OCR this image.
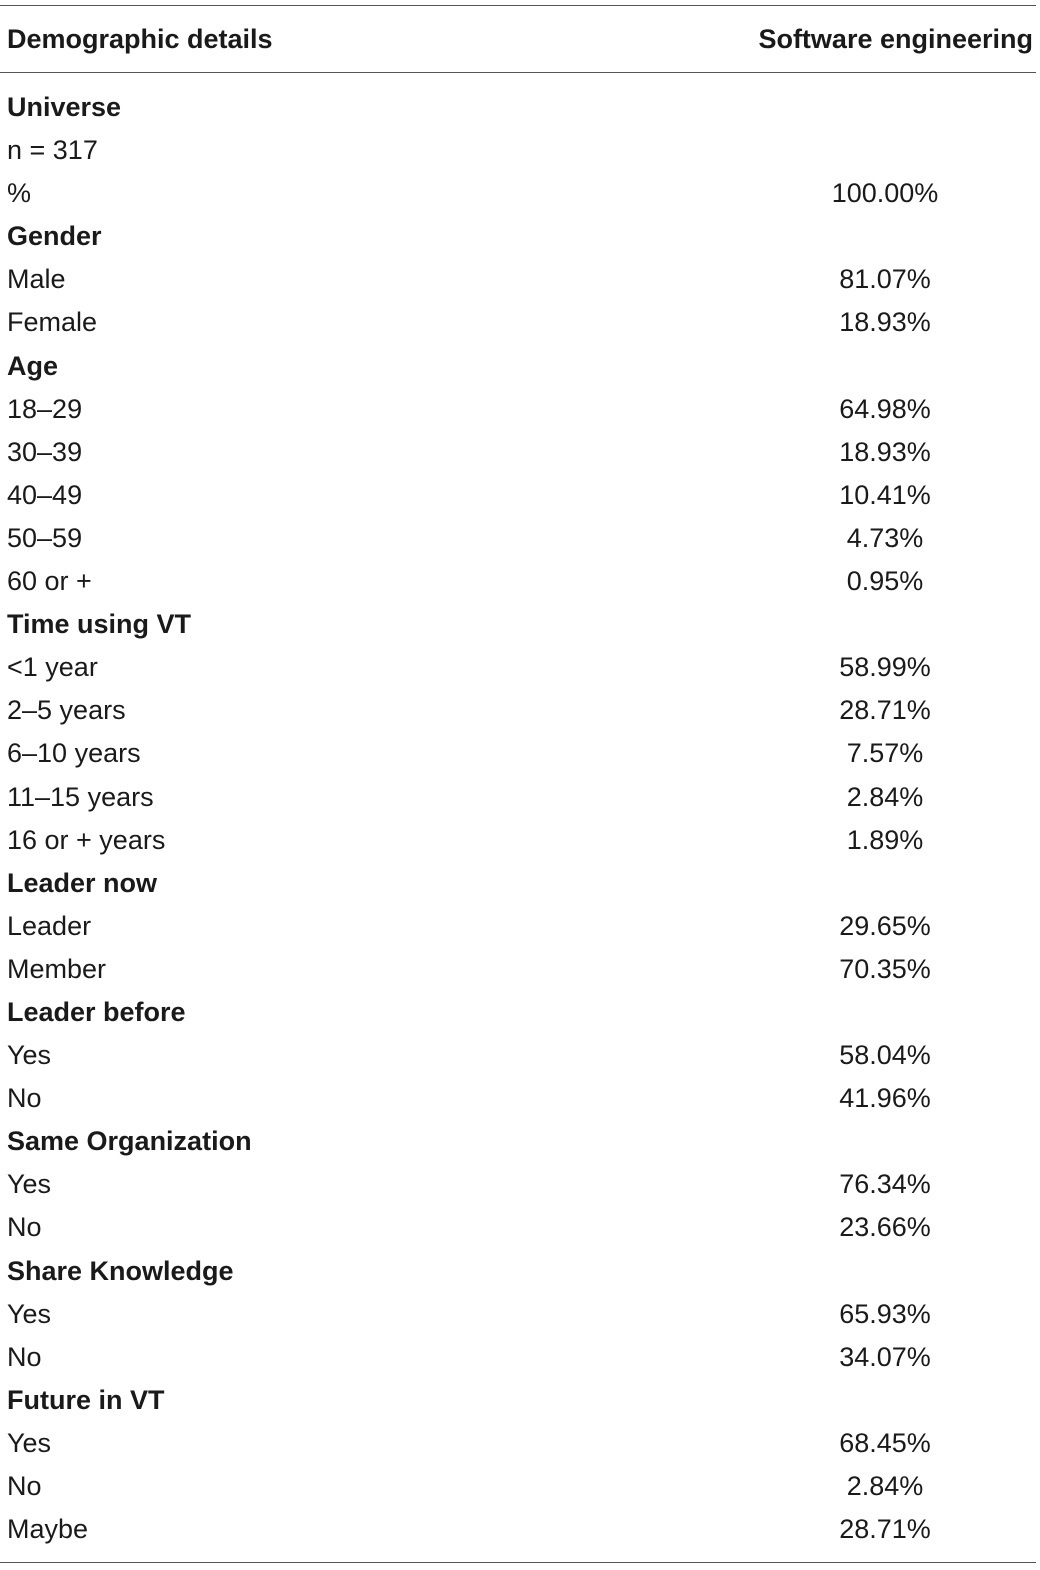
Demographic details	Software engineering
Universe
n = 317
%	100.00%
Gender
Male	81.07%
Female	18.93%
Age
18–29	64.98%
30–39	18.93%
40–49	10.41%
50–59	4.73%
60 or +	0.95%
Time using VT
<1 year	58.99%
2–5 years	28.71%
6–10 years	7.57%
11–15 years	2.84%
16 or + years	1.89%
Leader now
Leader	29.65%
Member	70.35%
Leader before
Yes	58.04%
No	41.96%
Same Organization
Yes	76.34%
No	23.66%
Share Knowledge
Yes	65.93%
No	34.07%
Future in VT
Yes	68.45%
No	2.84%
Maybe	28.71%
